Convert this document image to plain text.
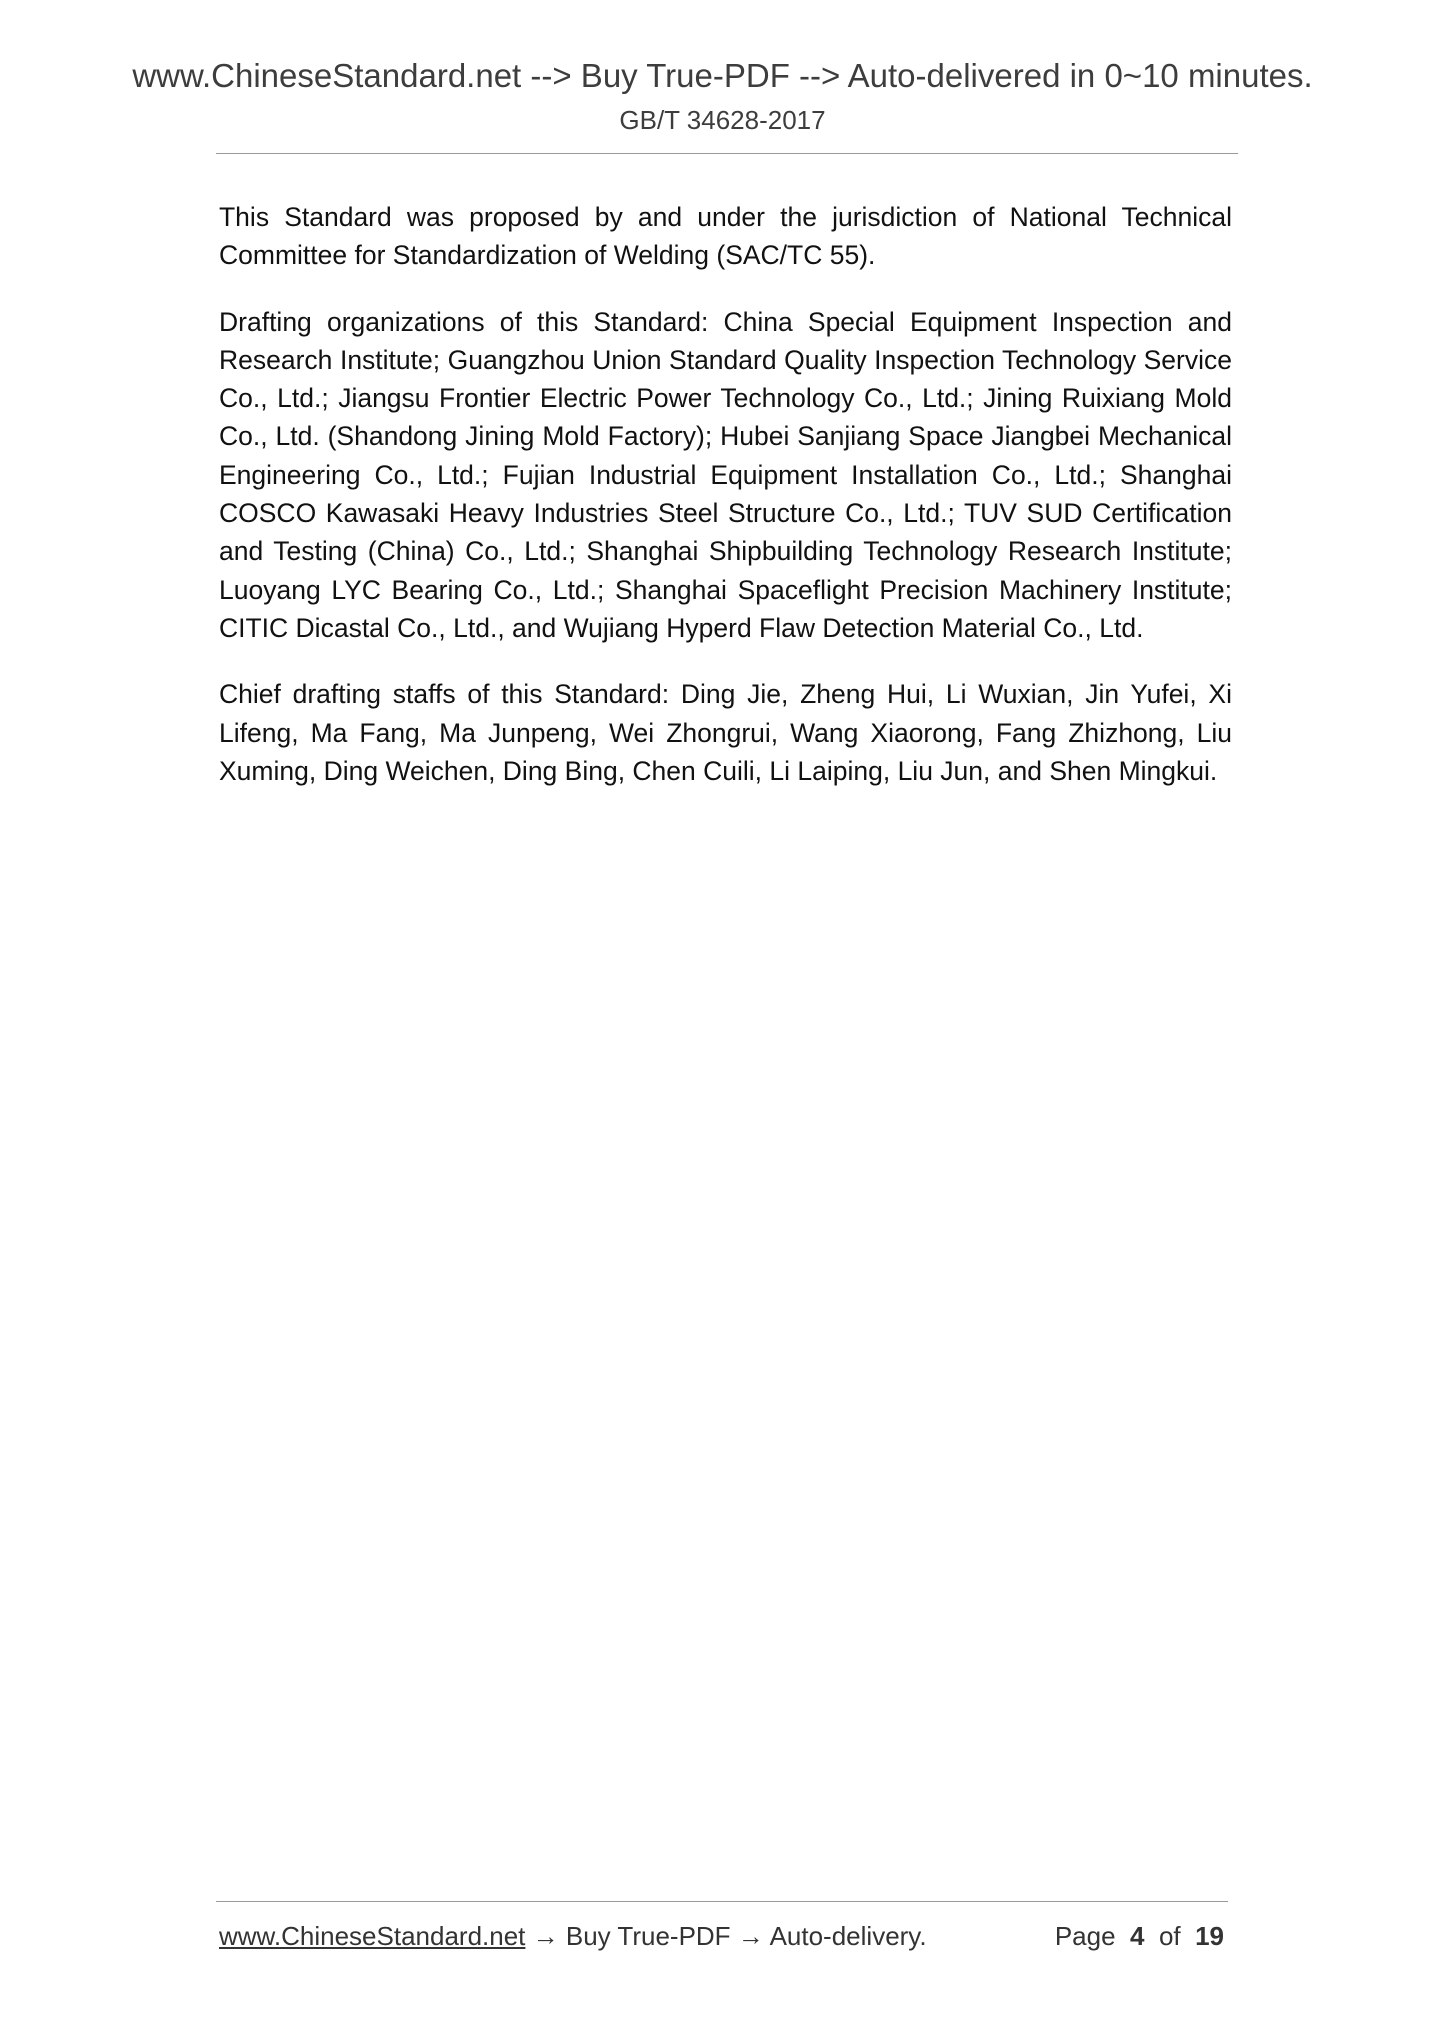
www.ChineseStandard.net --> Buy True-PDF --> Auto-delivered in 0~10 minutes.
GB/T 34628-2017

This Standard was proposed by and under the jurisdiction of National Technical Committee for Standardization of Welding (SAC/TC 55).

Drafting organizations of this Standard: China Special Equipment Inspection and Research Institute; Guangzhou Union Standard Quality Inspection Technology Service Co., Ltd.; Jiangsu Frontier Electric Power Technology Co., Ltd.; Jining Ruixiang Mold Co., Ltd. (Shandong Jining Mold Factory); Hubei Sanjiang Space Jiangbei Mechanical Engineering Co., Ltd.; Fujian Industrial Equipment Installation Co., Ltd.; Shanghai COSCO Kawasaki Heavy Industries Steel Structure Co., Ltd.; TUV SUD Certification and Testing (China) Co., Ltd.; Shanghai Shipbuilding Technology Research Institute; Luoyang LYC Bearing Co., Ltd.; Shanghai Spaceflight Precision Machinery Institute; CITIC Dicastal Co., Ltd., and Wujiang Hyperd Flaw Detection Material Co., Ltd.

Chief drafting staffs of this Standard: Ding Jie, Zheng Hui, Li Wuxian, Jin Yufei, Xi Lifeng, Ma Fang, Ma Junpeng, Wei Zhongrui, Wang Xiaorong, Fang Zhizhong, Liu Xuming, Ding Weichen, Ding Bing, Chen Cuili, Li Laiping, Liu Jun, and Shen Mingkui.

www.ChineseStandard.net → Buy True-PDF → Auto-delivery.	Page 4 of 19
